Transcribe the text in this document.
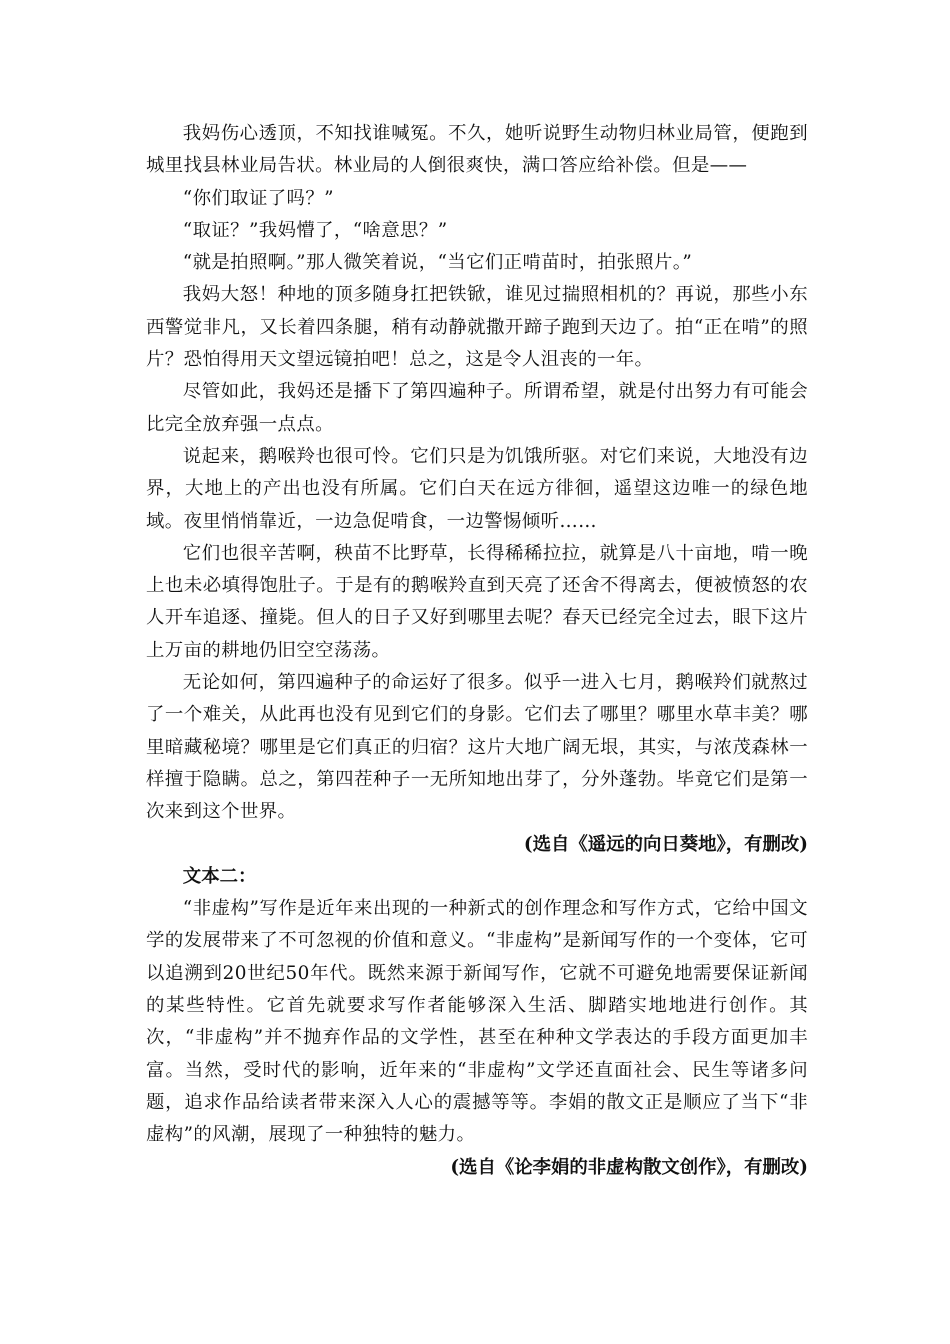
我妈伤心透顶，不知找谁喊冤。不久，她听说野生动物归林业局管，便跑到城里找县林业局告状。林业局的人倒很爽快，满口答应给补偿。但是——

“你们取证了吗？”

“取证？”我妈懵了，“啥意思？”

“就是拍照啊。”那人微笑着说，“当它们正啃苗时，拍张照片。”

我妈大怒！种地的顶多随身扛把铁锨，谁见过揣照相机的？再说，那些小东西警觉非凡，又长着四条腿，稍有动静就撒开蹄子跑到天边了。拍“正在啃”的照片？恐怕得用天文望远镜拍吧！总之，这是令人沮丧的一年。

尽管如此，我妈还是播下了第四遍种子。所谓希望，就是付出努力有可能会比完全放弃强一点点。

说起来，鹅喉羚也很可怜。它们只是为饥饿所驱。对它们来说，大地没有边界，大地上的产出也没有所属。它们白天在远方徘徊，遥望这边唯一的绿色地域。夜里悄悄靠近，一边急促啃食，一边警惕倾听……

它们也很辛苦啊，秧苗不比野草，长得稀稀拉拉，就算是八十亩地，啃一晚上也未必填得饱肚子。于是有的鹅喉羚直到天亮了还舍不得离去，便被愤怒的农人开车追逐、撞毙。但人的日子又好到哪里去呢？春天已经完全过去，眼下这片上万亩的耕地仍旧空空荡荡。

无论如何，第四遍种子的命运好了很多。似乎一进入七月，鹅喉羚们就熬过了一个难关，从此再也没有见到它们的身影。它们去了哪里？哪里水草丰美？哪里暗藏秘境？哪里是它们真正的归宿？这片大地广阔无垠，其实，与浓茂森林一样擅于隐瞒。总之，第四茬种子一无所知地出芽了，分外蓬勃。毕竟它们是第一次来到这个世界。

(选自《遥远的向日葵地》，有删改)

文本二：

“非虚构”写作是近年来出现的一种新式的创作理念和写作方式，它给中国文学的发展带来了不可忽视的价值和意义。“非虚构”是新闻写作的一个变体，它可以追溯到20世纪50年代。既然来源于新闻写作，它就不可避免地需要保证新闻的某些特性。它首先就要求写作者能够深入生活、脚踏实地地进行创作。其次，“非虚构”并不抛弃作品的文学性，甚至在种种文学表达的手段方面更加丰富。当然，受时代的影响，近年来的“非虚构”文学还直面社会、民生等诸多问题，追求作品给读者带来深入人心的震撼等等。李娟的散文正是顺应了当下“非虚构”的风潮，展现了一种独特的魅力。

(选自《论李娟的非虚构散文创作》，有删改)
